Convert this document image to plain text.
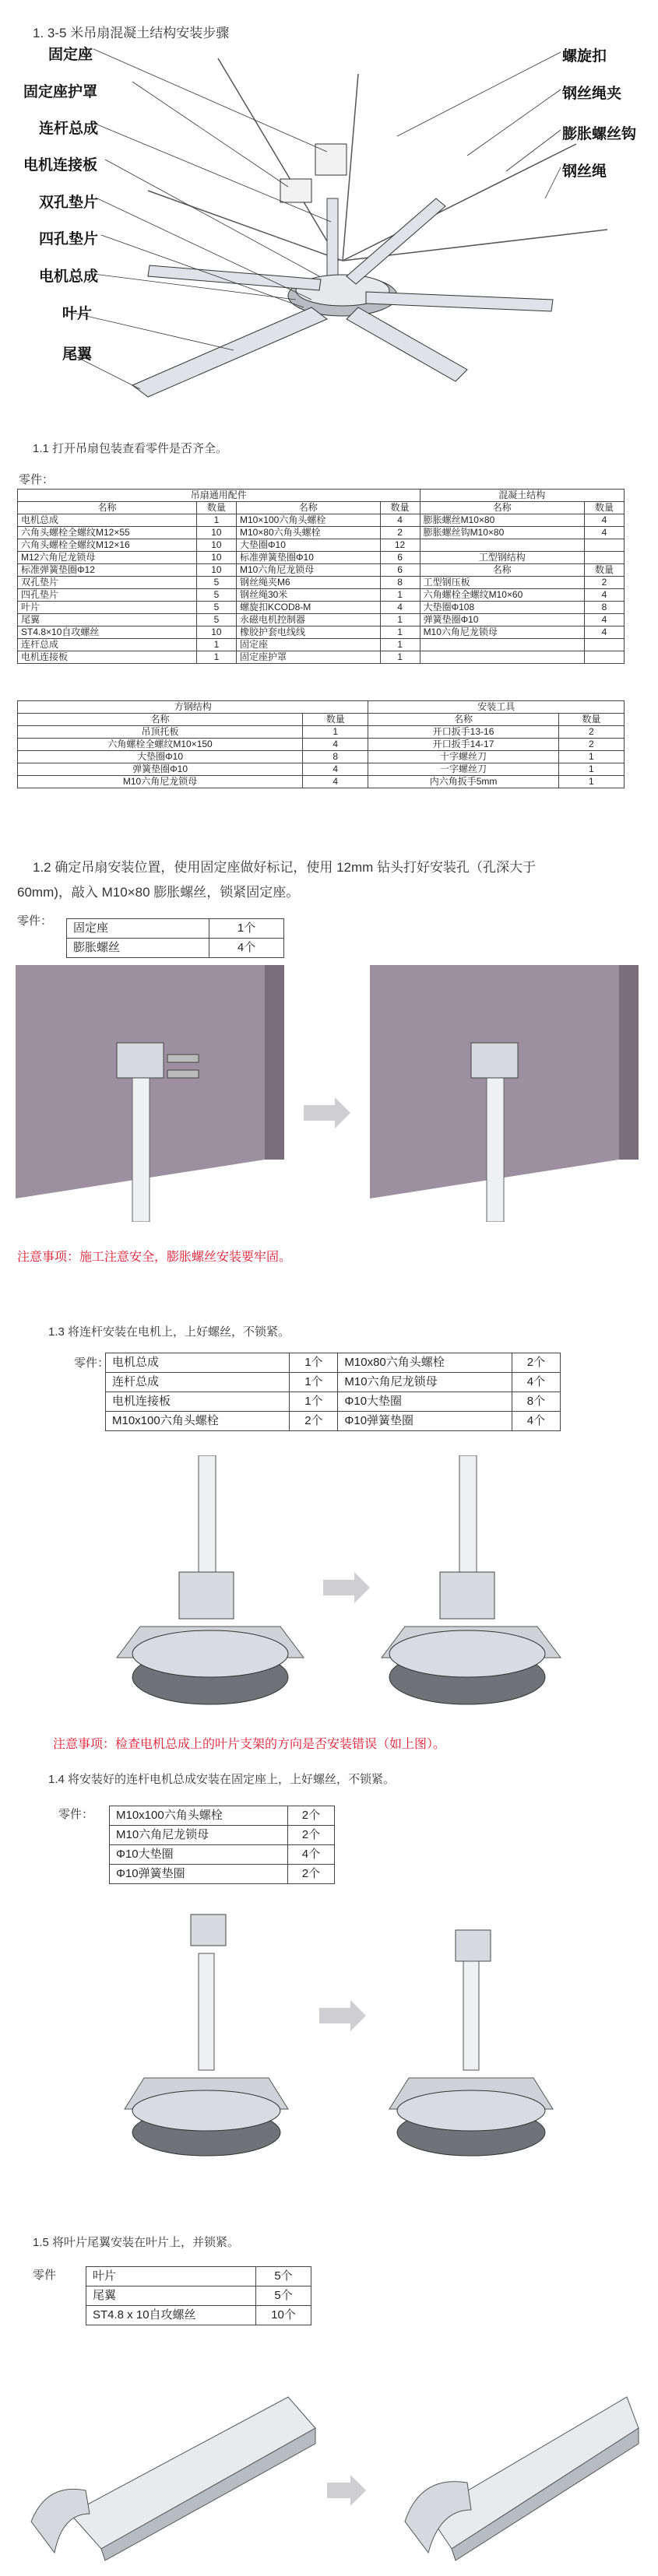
1. 3-5 米吊扇混凝土结构安装步骤
固定座
固定座护罩
连杆总成
电机连接板
双孔垫片
四孔垫片
电机总成
叶片
尾翼
螺旋扣
钢丝绳夹
膨胀螺丝钩
钢丝绳
1.1 打开吊扇包装查看零件是否齐全。
零件：
吊扇通用配件				混凝土结构	
名称	数量	名称	数量	名称	数量
电机总成	1	M10×100六角头螺栓	4	膨胀螺丝M10×80	4
六角头螺栓全螺纹M12×55	10	M10×80六角头螺栓	2	膨胀螺丝钩M10×80	4
六角头螺栓全螺纹M12×16	10	大垫圈Φ10	12		
M12六角尼龙锁母	10	标准弹簧垫圈Φ10	6	工型钢结构	
标准弹簧垫圈Φ12	10	M10六角尼龙锁母	6	名称	数量
双孔垫片	5	钢丝绳夹M6	8	工型钢压板	2
四孔垫片	5	钢丝绳30米	1	六角螺栓全螺纹M10×60	4
叶片	5	螺旋扣KCOD8-M	4	大垫圈Φ108	8
尾翼	5	永磁电机控制器	1	弹簧垫圈Φ10	4
ST4.8×10自攻螺丝	10	橡胶护套电线线	1	M10六角尼龙锁母	4
连杆总成	1	固定座	1		
电机连接板	1	固定座护罩	1		
方钢结构		安装工具	
名称	数量	名称	数量
吊顶托板	1	开口扳手13-16	2
六角螺栓全螺纹M10×150	4	开口扳手14-17	2
大垫圈Φ10	8	十字螺丝刀	1
弹簧垫圈Φ10	4	一字螺丝刀	1
M10六角尼龙锁母	4	内六角扳手5mm	1
1.2 确定吊扇安装位置，使用固定座做好标记，使用 12mm 钻头打好安装孔（孔深大于
60mm)，敲入 M10×80 膨胀螺丝，锁紧固定座。
零件：
固定座	1个
膨胀螺丝	4个
注意事项：施工注意安全，膨胀螺丝安装要牢固。
1.3 将连杆安装在电机上，上好螺丝，不锁紧。
零件： 电机总成	1个	M10x80六角头螺栓	2个
连杆总成	1个	M10六角尼龙锁母	4个
电机连接板	1个	Φ10大垫圈	8个
M10x100六角头螺栓	2个	Φ10弹簧垫圈	4个
注意事项：检查电机总成上的叶片支架的方向是否安装错误（如上图）。
1.4 将安装好的连杆电机总成安装在固定座上，上好螺丝，不锁紧。
零件： M10x100六角头螺栓	2个
M10六角尼龙锁母	2个
Φ10大垫圈	4个
Φ10弹簧垫圈	2个
1.5 将叶片尾翼安装在叶片上，并锁紧。
零件	叶片	5个
尾翼	5个
ST4.8 x 10自攻螺丝	10个
